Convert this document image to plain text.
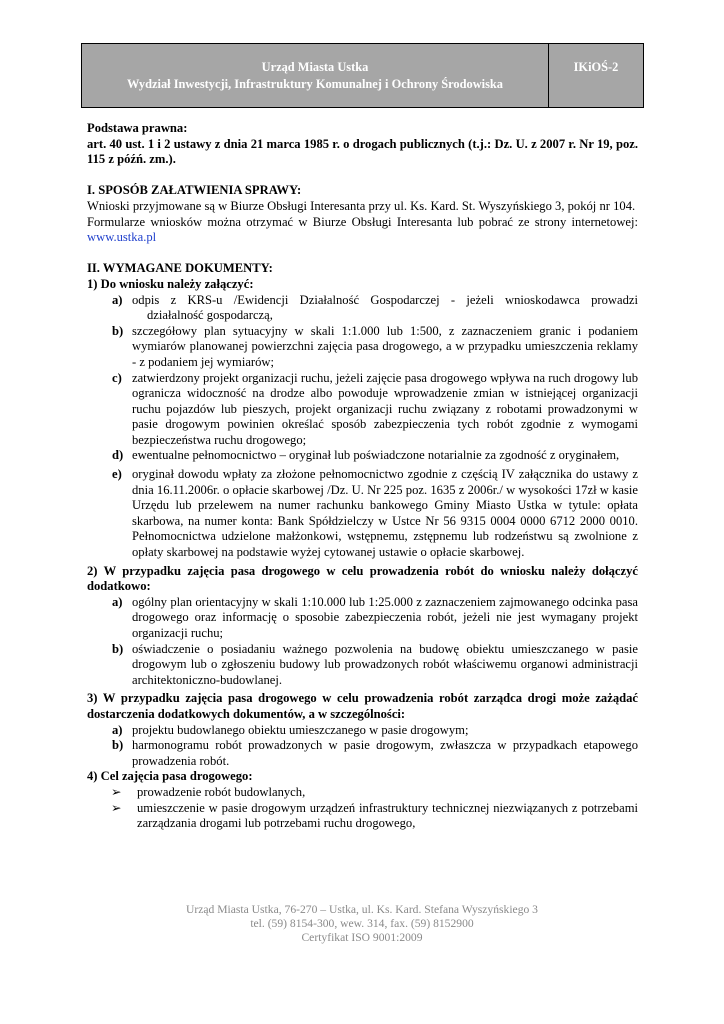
Urząd Miasta Ustka
Wydział Inwestycji, Infrastruktury Komunalnej i Ochrony Środowiska
IKiOŚ-2

Podstawa prawna:

art. 40 ust. 1 i 2 ustawy z dnia 21 marca 1985 r. o drogach publicznych (t.j.: Dz. U. z 2007 r. Nr 19, poz. 115 z późń. zm.).

I. SPOSÓB ZAŁATWIENIA SPRAWY:

Wnioski przyjmowane są w Biurze Obsługi Interesanta przy ul. Ks. Kard. St. Wyszyńskiego 3, pokój nr 104.

Formularze wniosków można otrzymać w Biurze Obsługi Interesanta lub pobrać ze strony internetowej: www.ustka.pl

II. WYMAGANE DOKUMENTY:

1) Do wniosku należy załączyć:

a) odpis z KRS-u /Ewidencji Działalność Gospodarczej - jeżeli wnioskodawca prowadzi działalność gospodarczą,
b) szczegółowy plan sytuacyjny w skali 1:1.000 lub 1:500, z zaznaczeniem granic i podaniem wymiarów planowanej powierzchni zajęcia pasa drogowego, a w przypadku umieszczenia reklamy - z podaniem jej wymiarów;
c) zatwierdzony projekt organizacji ruchu, jeżeli zajęcie pasa drogowego wpływa na ruch drogowy lub ogranicza widoczność na drodze albo powoduje wprowadzenie zmian w istniejącej organizacji ruchu pojazdów lub pieszych, projekt organizacji ruchu związany z robotami prowadzonymi w pasie drogowym powinien określać sposób zabezpieczenia tych robót zgodnie z wymogami bezpieczeństwa ruchu drogowego;
d) ewentualne pełnomocnictwo – oryginał lub poświadczone notarialnie za zgodność z oryginałem,
e) oryginał dowodu wpłaty za złożone pełnomocnictwo zgodnie z częścią IV załącznika do ustawy z dnia 16.11.2006r. o opłacie skarbowej /Dz. U. Nr 225 poz. 1635 z 2006r./ w wysokości 17zł w kasie Urzędu lub przelewem na numer rachunku bankowego Gminy Miasto Ustka w tytule: opłata skarbowa, na numer konta: Bank Spółdzielczy w Ustce Nr 56 9315 0004 0000 6712 2000 0010. Pełnomocnictwa udzielone małżonkowi, wstępnemu, zstępnemu lub rodzeństwu są zwolnione z opłaty skarbowej na podstawie wyżej cytowanej ustawie o opłacie skarbowej.

2) W przypadku zajęcia pasa drogowego w celu prowadzenia robót do wniosku należy dołączyć dodatkowo:

a) ogólny plan orientacyjny w skali 1:10.000 lub 1:25.000 z zaznaczeniem zajmowanego odcinka pasa drogowego oraz informację o sposobie zabezpieczenia robót, jeżeli nie jest wymagany projekt organizacji ruchu;
b) oświadczenie o posiadaniu ważnego pozwolenia na budowę obiektu umieszczanego w pasie drogowym lub o zgłoszeniu budowy lub prowadzonych robót właściwemu organowi administracji architektoniczno-budowlanej.

3) W przypadku zajęcia pasa drogowego w celu prowadzenia robót zarządca drogi może zażądać dostarczenia dodatkowych dokumentów, a w szczególności:

a) projektu budowlanego obiektu umieszczanego w pasie drogowym;
b) harmonogramu robót prowadzonych w pasie drogowym, zwłaszcza w przypadkach etapowego prowadzenia robót.

4) Cel zajęcia pasa drogowego:

➢	prowadzenie robót budowlanych,
➢	umieszczenie w pasie drogowym urządzeń infrastruktury technicznej niezwiązanych z potrzebami zarządzania drogami lub potrzebami ruchu drogowego,
Urząd Miasta Ustka, 76-270 – Ustka, ul. Ks. Kard. Stefana Wyszyńskiego 3
tel. (59) 8154-300, wew. 314, fax. (59) 8152900
Certyfikat ISO 9001:2009
